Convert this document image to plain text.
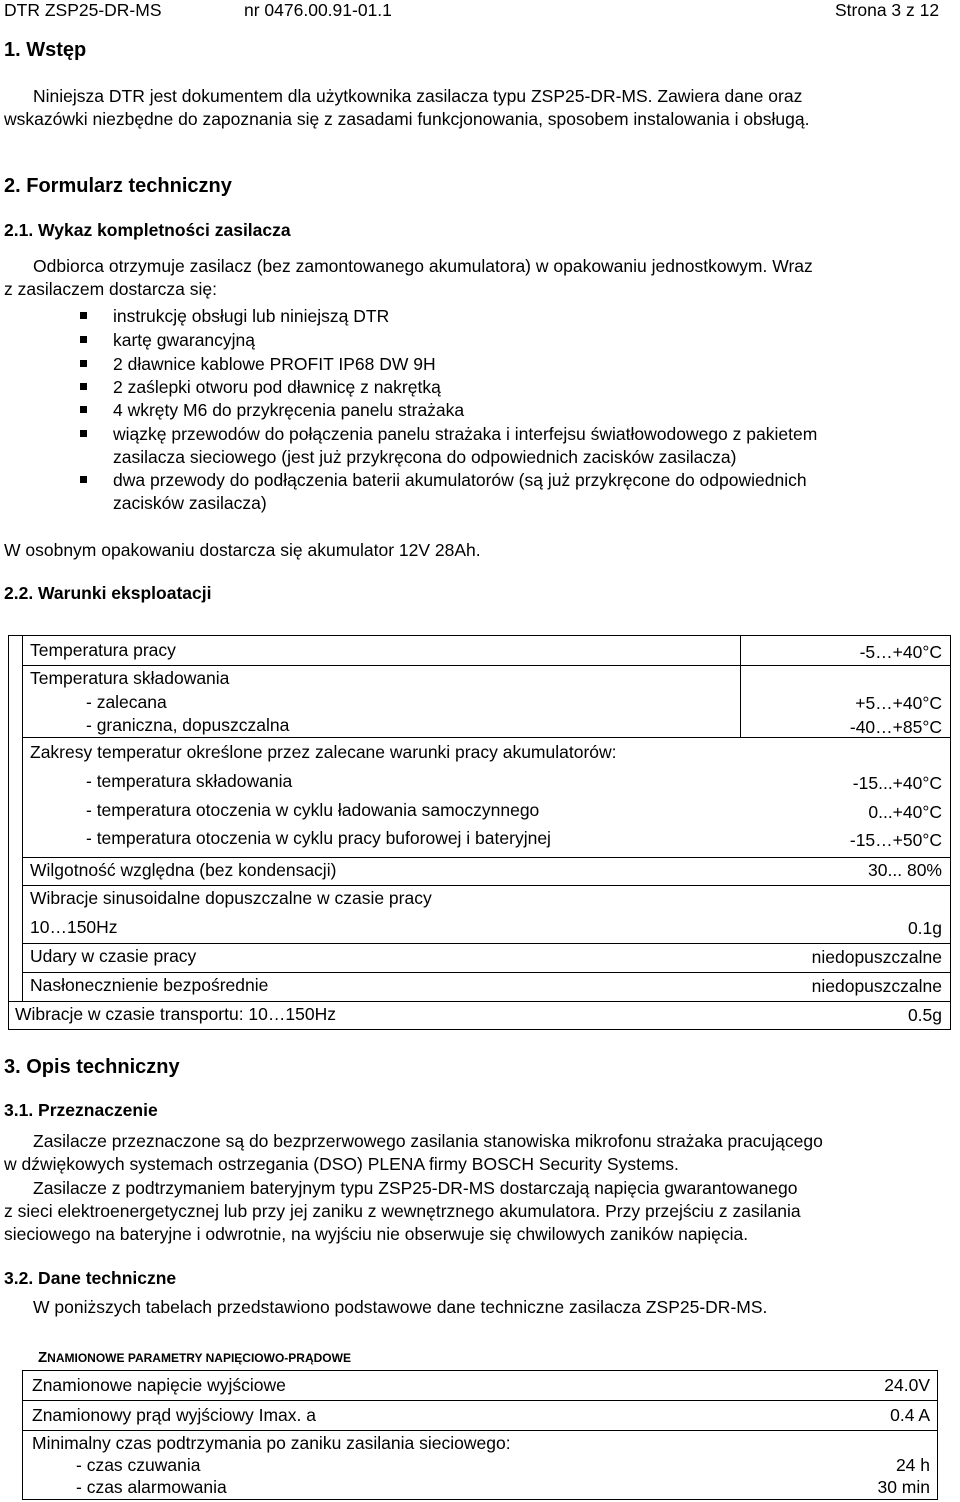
DTR ZSP25-DR-MS	nr 0476.00.91-01.1	Strona 3 z 12
1. Wstęp
Niniejsza DTR jest dokumentem dla użytkownika zasilacza typu ZSP25-DR-MS. Zawiera dane oraz
wskazówki niezbędne do zapoznania się z zasadami funkcjonowania, sposobem instalowania i obsługą.
2. Formularz techniczny
2.1. Wykaz kompletności zasilacza
Odbiorca otrzymuje zasilacz (bez zamontowanego akumulatora) w opakowaniu jednostkowym. Wraz
z zasilaczem dostarcza się:
instrukcję obsługi lub niniejszą DTR
kartę gwarancyjną
2 dławnice kablowe PROFIT IP68 DW 9H
2 zaślepki otworu pod dławnicę z nakrętką
4 wkręty M6 do przykręcenia panelu strażaka
wiązkę przewodów do połączenia panelu strażaka i interfejsu światłowodowego z pakietem
zasilacza sieciowego (jest już przykręcona do odpowiednich zacisków zasilacza)
dwa przewody do podłączenia baterii akumulatorów (są już przykręcone do odpowiednich
zacisków zasilacza)
W osobnym opakowaniu dostarcza się akumulator 12V 28Ah.
2.2. Warunki eksploatacji
Temperatura pracy	-5…+40°C
Temperatura składowania
- zalecana	+5…+40°C
- graniczna, dopuszczalna	-40…+85°C
Zakresy temperatur określone przez zalecane warunki pracy akumulatorów:
- temperatura składowania	-15...+40°C
- temperatura otoczenia w cyklu ładowania samoczynnego	0...+40°C
- temperatura otoczenia w cyklu pracy buforowej i bateryjnej	-15…+50°C
Wilgotność względna (bez kondensacji)	30... 80%
Wibracje sinusoidalne dopuszczalne w czasie pracy
10…150Hz	0.1g
Udary w czasie pracy	niedopuszczalne
Nasłonecznienie bezpośrednie	niedopuszczalne
Wibracje w czasie transportu: 10…150Hz	0.5g
3. Opis techniczny
3.1. Przeznaczenie
Zasilacze przeznaczone są do bezprzerwowego zasilania stanowiska mikrofonu strażaka pracującego
w dźwiękowych systemach ostrzegania (DSO) PLENA firmy BOSCH Security Systems.
Zasilacze z podtrzymaniem bateryjnym typu ZSP25-DR-MS dostarczają napięcia gwarantowanego
z sieci elektroenergetycznej lub przy jej zaniku z wewnętrznego akumulatora. Przy przejściu z zasilania
sieciowego na bateryjne i odwrotnie, na wyjściu nie obserwuje się chwilowych zaników napięcia.
3.2. Dane techniczne
W poniższych tabelach przedstawiono podstawowe dane techniczne zasilacza ZSP25-DR-MS.
ZNAMIONOWE PARAMETRY NAPIĘCIOWO-PRĄDOWE
Znamionowe napięcie wyjściowe	24.0V
Znamionowy prąd wyjściowy Imax. a	0.4 A
Minimalny czas podtrzymania po zaniku zasilania sieciowego:
- czas czuwania	24 h
- czas alarmowania	30 min
